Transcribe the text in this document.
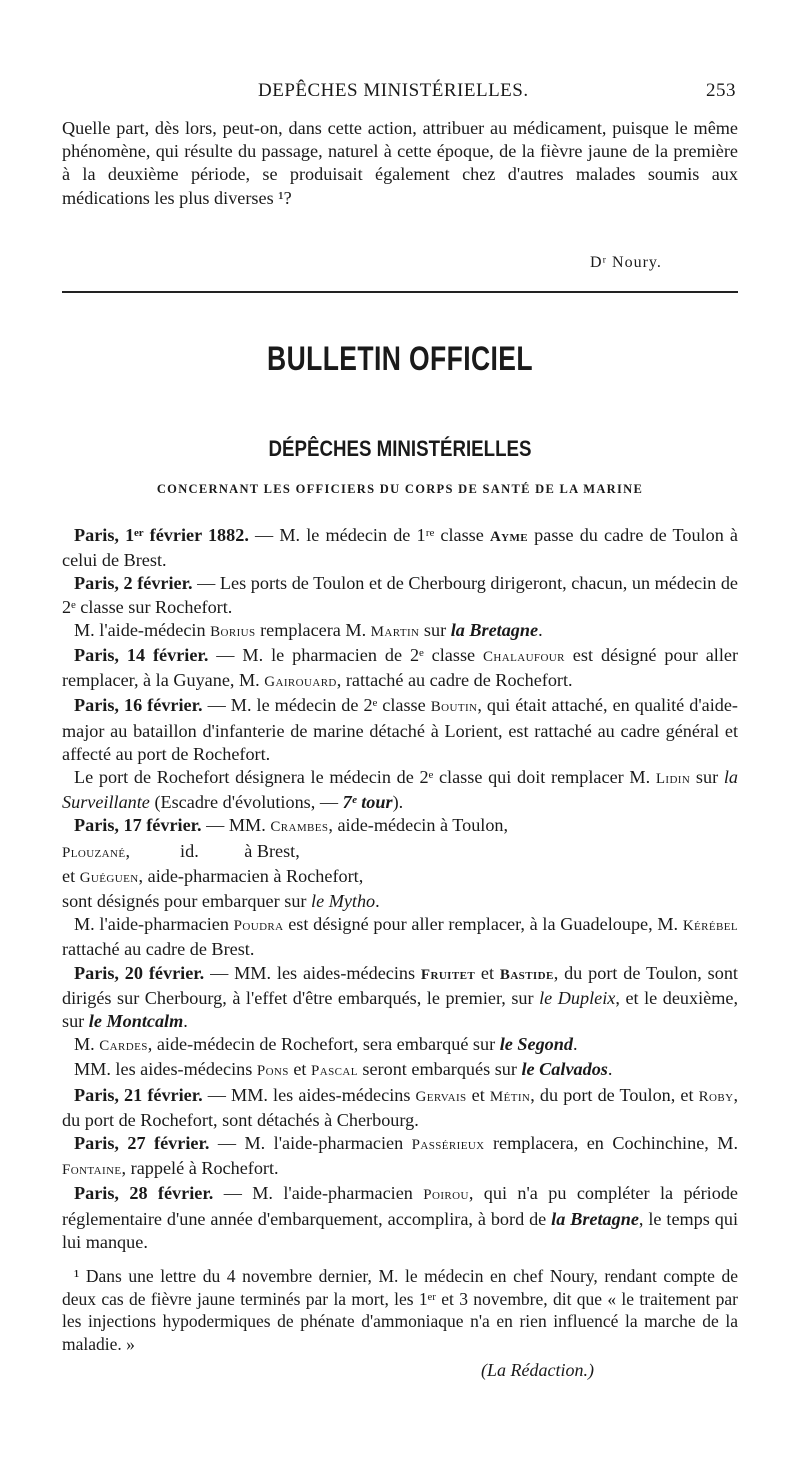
DEPÊCHES MINISTÉRIELLES.	253
Quelle part, dès lors, peut-on, dans cette action, attribuer au médicament, puisque le même phénomène, qui résulte du passage, naturel à cette époque, de la fièvre jaune de la première à la deuxième période, se produisait également chez d'autres malades soumis aux médications les plus diverses ¹?
Dʳ Noury.
BULLETIN OFFICIEL
DÉPÊCHES MINISTÉRIELLES
CONCERNANT LES OFFICIERS DU CORPS DE SANTÉ DE LA MARINE

Paris, 1ᵉʳ février 1882. — M. le médecin de 1ʳᵉ classe Ayme passe du cadre de Toulon à celui de Brest.

Paris, 2 février. — Les ports de Toulon et de Cherbourg dirigeront, chacun, un médecin de 2ᵉ classe sur Rochefort.

M. l'aide-médecin Borius remplacera M. Martin sur la Bretagne.

Paris, 14 février. — M. le pharmacien de 2ᵉ classe Chalaufour est désigné pour aller remplacer, à la Guyane, M. Gairouard, rattaché au cadre de Rochefort.

Paris, 16 février. — M. le médecin de 2ᵉ classe Boutin, qui était attaché, en qualité d'aide-major au bataillon d'infanterie de marine détaché à Lorient, est rattaché au cadre général et affecté au port de Rochefort.

Le port de Rochefort désignera le médecin de 2ᵉ classe qui doit remplacer M. Lidin sur la Surveillante (Escadre d'évolutions, — 7ᵉ tour).

Paris, 17 février. — MM. Crambes, aide-médecin à Toulon,

Plouzané,           id.          à Brest,

et Guéguen, aide-pharmacien à Rochefort,

sont désignés pour embarquer sur le Mytho.

M. l'aide-pharmacien Poudra est désigné pour aller remplacer, à la Guadeloupe, M. Kérébel rattaché au cadre de Brest.

Paris, 20 février. — MM. les aides-médecins Fruitet et Bastide, du port de Toulon, sont dirigés sur Cherbourg, à l'effet d'être embarqués, le premier, sur le Dupleix, et le deuxième, sur le Montcalm.

M. Cardes, aide-médecin de Rochefort, sera embarqué sur le Segond.

MM. les aides-médecins Pons et Pascal seront embarqués sur le Calvados.

Paris, 21 février. — MM. les aides-médecins Gervais et Métin, du port de Toulon, et Roby, du port de Rochefort, sont détachés à Cherbourg.

Paris, 27 février. — M. l'aide-pharmacien Passérieux remplacera, en Cochinchine, M. Fontaine, rappelé à Rochefort.

Paris, 28 février. — M. l'aide-pharmacien Poirou, qui n'a pu compléter la période réglementaire d'une année d'embarquement, accomplira, à bord de la Bretagne, le temps qui lui manque.

¹ Dans une lettre du 4 novembre dernier, M. le médecin en chef Noury, rendant compte de deux cas de fièvre jaune terminés par la mort, les 1ᵉʳ et 3 novembre, dit que « le traitement par les injections hypodermiques de phénate d'ammoniaque n'a en rien influencé la marche de la maladie. »

(La Rédaction.)
